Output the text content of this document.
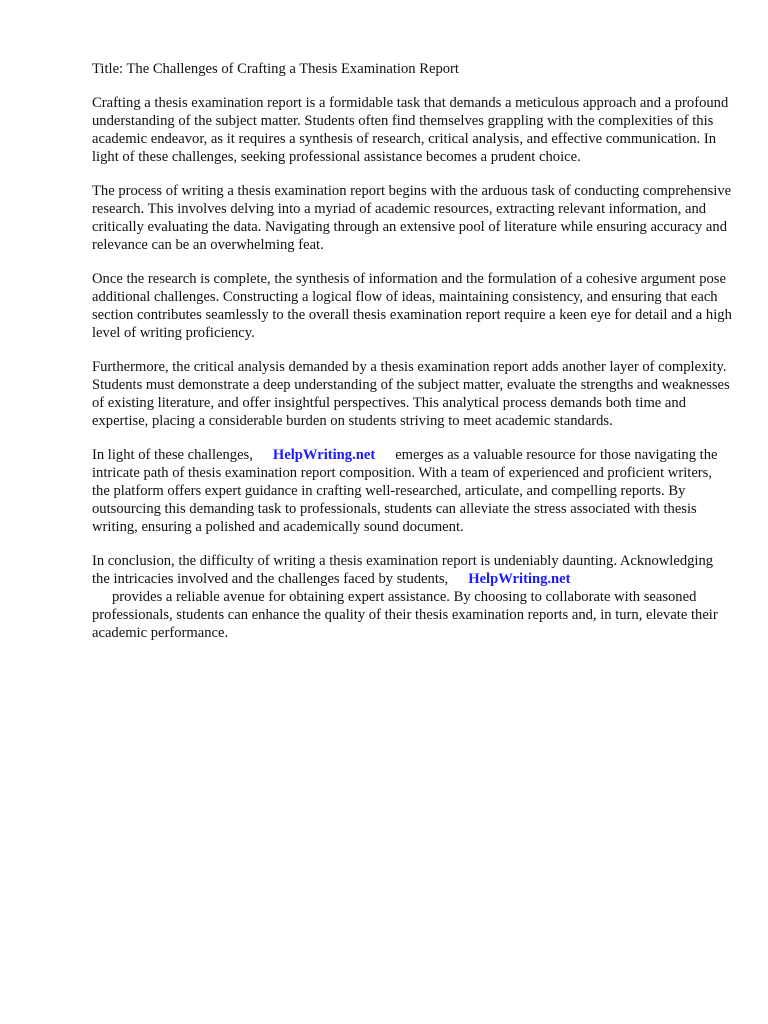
Title: The Challenges of Crafting a Thesis Examination Report

Crafting a thesis examination report is a formidable task that demands a meticulous approach and a profound understanding of the subject matter. Students often find themselves grappling with the complexities of this academic endeavor, as it requires a synthesis of research, critical analysis, and effective communication. In light of these challenges, seeking professional assistance becomes a prudent choice.

The process of writing a thesis examination report begins with the arduous task of conducting comprehensive research. This involves delving into a myriad of academic resources, extracting relevant information, and critically evaluating the data. Navigating through an extensive pool of literature while ensuring accuracy and relevance can be an overwhelming feat.

Once the research is complete, the synthesis of information and the formulation of a cohesive argument pose additional challenges. Constructing a logical flow of ideas, maintaining consistency, and ensuring that each section contributes seamlessly to the overall thesis examination report require a keen eye for detail and a high level of writing proficiency.

Furthermore, the critical analysis demanded by a thesis examination report adds another layer of complexity. Students must demonstrate a deep understanding of the subject matter, evaluate the strengths and weaknesses of existing literature, and offer insightful perspectives. This analytical process demands both time and expertise, placing a considerable burden on students striving to meet academic standards.

In light of these challenges, HelpWriting.net emerges as a valuable resource for those navigating the intricate path of thesis examination report composition. With a team of experienced and proficient writers, the platform offers expert guidance in crafting well-researched, articulate, and compelling reports. By outsourcing this demanding task to professionals, students can alleviate the stress associated with thesis writing, ensuring a polished and academically sound document.

In conclusion, the difficulty of writing a thesis examination report is undeniably daunting. Acknowledging the intricacies involved and the challenges faced by students, HelpWriting.net
provides a reliable avenue for obtaining expert assistance. By choosing to collaborate with seasoned professionals, students can enhance the quality of their thesis examination reports and, in turn, elevate their academic performance.
